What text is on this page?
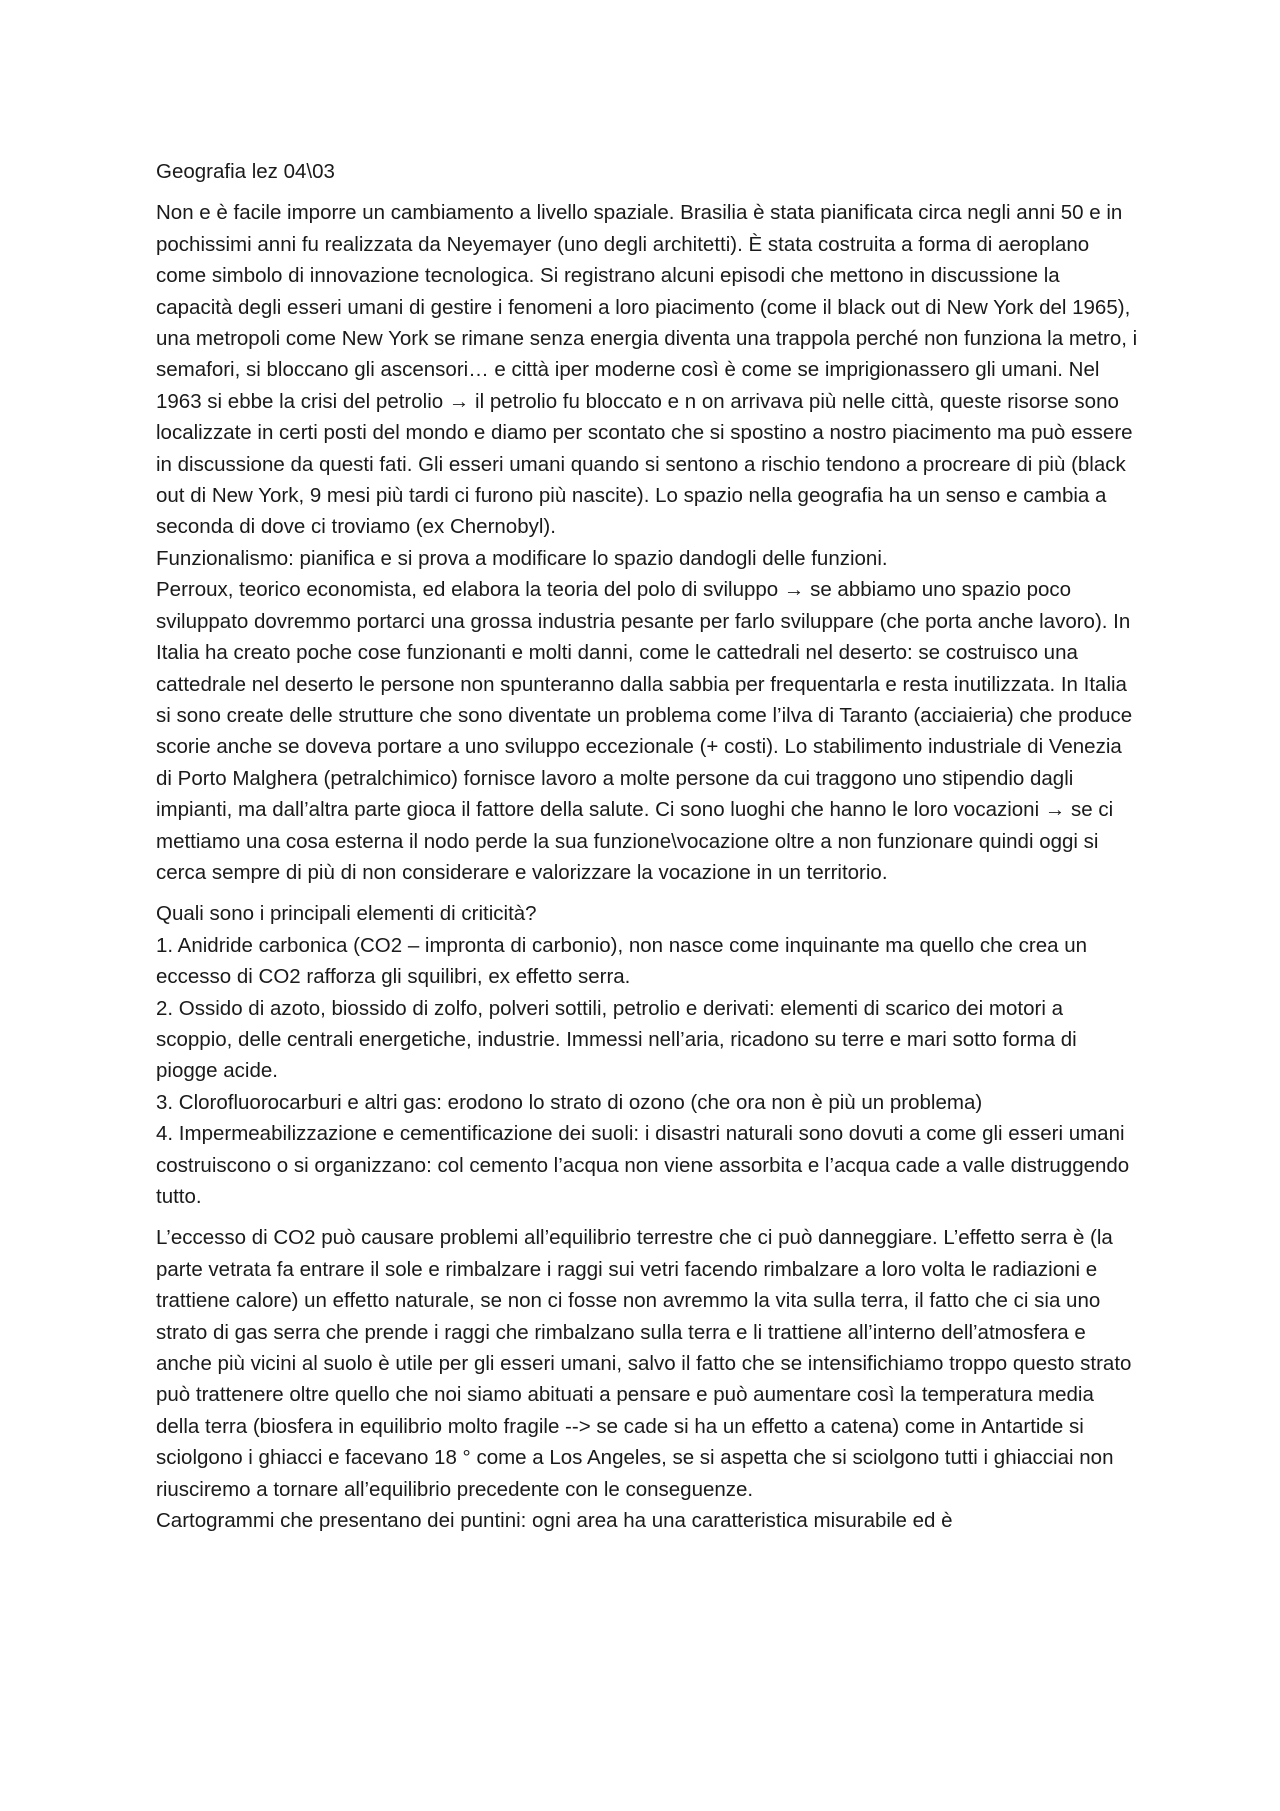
Geografia lez 04\03

Non e è facile imporre un cambiamento a livello spaziale. Brasilia è stata pianificata circa negli anni 50 e in pochissimi anni fu realizzata da Neyemayer (uno degli architetti). È stata costruita a forma di aeroplano come simbolo di innovazione tecnologica. Si registrano alcuni episodi che mettono in discussione la capacità degli esseri umani di gestire i fenomeni a loro piacimento (come il black out di New York del 1965), una metropoli come New York se rimane senza energia diventa una trappola perché non funziona la metro, i semafori, si bloccano gli ascensori… e città iper moderne così è come se imprigionassero gli umani. Nel 1963 si ebbe la crisi del petrolio → il petrolio fu bloccato e n on arrivava più nelle città, queste risorse sono localizzate in certi posti del mondo e diamo per scontato che si spostino a nostro piacimento ma può essere in discussione da questi fati. Gli esseri umani quando si sentono a rischio tendono a procreare di più (black out di New York, 9 mesi più tardi ci furono più nascite). Lo spazio nella geografia ha un senso e cambia a seconda di dove ci troviamo (ex Chernobyl).

Funzionalismo: pianifica e si prova a modificare lo spazio dandogli delle funzioni.

Perroux, teorico economista, ed elabora la teoria del polo di sviluppo → se abbiamo uno spazio poco sviluppato dovremmo portarci una grossa industria pesante per farlo sviluppare (che porta anche lavoro). In Italia ha creato poche cose funzionanti e molti danni, come le cattedrali nel deserto: se costruisco una cattedrale nel deserto le persone non spunteranno dalla sabbia per frequentarla e resta inutilizzata. In Italia si sono create delle strutture che sono diventate un problema come l’ilva di Taranto (acciaieria) che produce scorie anche se doveva portare a uno sviluppo eccezionale (+ costi). Lo stabilimento industriale di Venezia di Porto Malghera (petralchimico) fornisce lavoro a molte persone da cui traggono uno stipendio dagli impianti, ma dall’altra parte gioca il fattore della salute. Ci sono luoghi che hanno le loro vocazioni → se ci mettiamo una cosa esterna il nodo perde la sua funzione\vocazione oltre a non funzionare quindi oggi si cerca sempre di più di non considerare e valorizzare la vocazione in un territorio.

Quali sono i principali elementi di criticità?

1. Anidride carbonica (CO2 – impronta di carbonio), non nasce come inquinante ma quello che crea un eccesso di CO2 rafforza gli squilibri, ex effetto serra.

2. Ossido di azoto, biossido di zolfo, polveri sottili, petrolio e derivati: elementi di scarico dei motori a scoppio, delle centrali energetiche, industrie. Immessi nell’aria, ricadono su terre e mari sotto forma di piogge acide.

3. Clorofluorocarburi e altri gas: erodono lo strato di ozono (che ora non è più un problema)

4. Impermeabilizzazione e cementificazione dei suoli: i disastri naturali sono dovuti a come gli esseri umani costruiscono o si organizzano: col cemento l’acqua non viene assorbita e l’acqua cade a valle distruggendo tutto.

L’eccesso di CO2 può causare problemi all’equilibrio terrestre che ci può danneggiare. L’effetto serra è (la parte vetrata fa entrare il sole e rimbalzare i raggi sui vetri facendo rimbalzare a loro volta le radiazioni e trattiene calore) un effetto naturale, se non ci fosse non avremmo la vita sulla terra, il fatto che ci sia uno strato di gas serra che prende i raggi che rimbalzano sulla terra e li trattiene all’interno dell’atmosfera e anche più vicini al suolo è utile per gli esseri umani, salvo il fatto che se intensifichiamo troppo questo strato può trattenere oltre quello che noi siamo abituati a pensare e può aumentare così la temperatura media della terra (biosfera in equilibrio molto fragile --> se cade si ha un effetto a catena) come in Antartide si sciolgono i ghiacci e facevano 18 ° come a Los Angeles, se si aspetta che si sciolgono tutti i ghiacciai non riusciremo a tornare all’equilibrio precedente con le conseguenze.

Cartogrammi che presentano dei puntini: ogni area ha una caratteristica misurabile ed è
